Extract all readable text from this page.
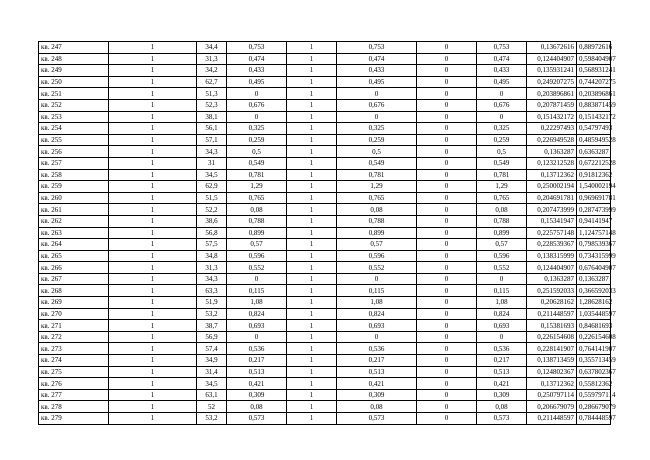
кв. 247	1	34,4	0,753	1	0,753	0	0,753	0,13672616	0,88972616
кв. 248	1	31,3	0,474	1	0,474	0	0,474	0,124404907	0,598404907
кв. 249	1	34,2	0,433	1	0,433	0	0,433	0,135931241	0,568931241
кв. 250	1	62,7	0,495	1	0,495	0	0,495	0,249207275	0,744207275
кв. 251	1	51,3	0	1	0	0	0	0,203896861	0,203896861
кв. 252	1	52,3	0,676	1	0,676	0	0,676	0,207871459	0,883871459
кв. 253	1	38,1	0	1	0	0	0	0,151432172	0,151432172
кв. 254	1	56,1	0,325	1	0,325	0	0,325	0,22297493	0,54797493
кв. 255	1	57,1	0,259	1	0,259	0	0,259	0,226949528	0,485949528
кв. 256	1	34,3	0,5	1	0,5	0	0,5	0,1363287	0,6363287
кв. 257	1	31	0,549	1	0,549	0	0,549	0,123212528	0,672212528
кв. 258	1	34,5	0,781	1	0,781	0	0,781	0,13712362	0,91812362
кв. 259	1	62,9	1,29	1	1,29	0	1,29	0,250002194	1,540002194
кв. 260	1	51,5	0,765	1	0,765	0	0,765	0,204691781	0,969691781
кв. 261	1	52,2	0,08	1	0,08	0	0,08	0,207473999	0,287473999
кв. 262	1	38,6	0,788	1	0,788	0	0,788	0,15341947	0,94141947
кв. 263	1	56,8	0,899	1	0,899	0	0,899	0,225757148	1,124757148
кв. 264	1	57,5	0,57	1	0,57	0	0,57	0,228539367	0,798539367
кв. 265	1	34,8	0,596	1	0,596	0	0,596	0,138315999	0,734315999
кв. 266	1	31,3	0,552	1	0,552	0	0,552	0,124404907	0,676404907
кв. 267	1	34,3	0	1	0	0	0	0,1363287	0,1363287
кв. 268	1	63,3	0,115	1	0,115	0	0,115	0,251592033	0,366592033
кв. 269	1	51,9	1,08	1	1,08	0	1,08	0,20628162	1,28628162
кв. 270	1	53,2	0,824	1	0,824	0	0,824	0,211448597	1,035448597
кв. 271	1	38,7	0,693	1	0,693	0	0,693	0,15381693	0,84681693
кв. 272	1	56,9	0	1	0	0	0	0,226154608	0,226154608
кв. 273	1	57,4	0,536	1	0,536	0	0,536	0,228141907	0,764141907
кв. 274	1	34,9	0,217	1	0,217	0	0,217	0,138713459	0,355713459
кв. 275	1	31,4	0,513	1	0,513	0	0,513	0,124802367	0,637802367
кв. 276	1	34,5	0,421	1	0,421	0	0,421	0,13712362	0,55812362
кв. 277	1	63,1	0,309	1	0,309	0	0,309	0,250797114	0,559797114
кв. 278	1	52	0,08	1	0,08	0	0,08	0,206679079	0,286679079
кв. 279	1	53,2	0,573	1	0,573	0	0,573	0,211448597	0,784448597
